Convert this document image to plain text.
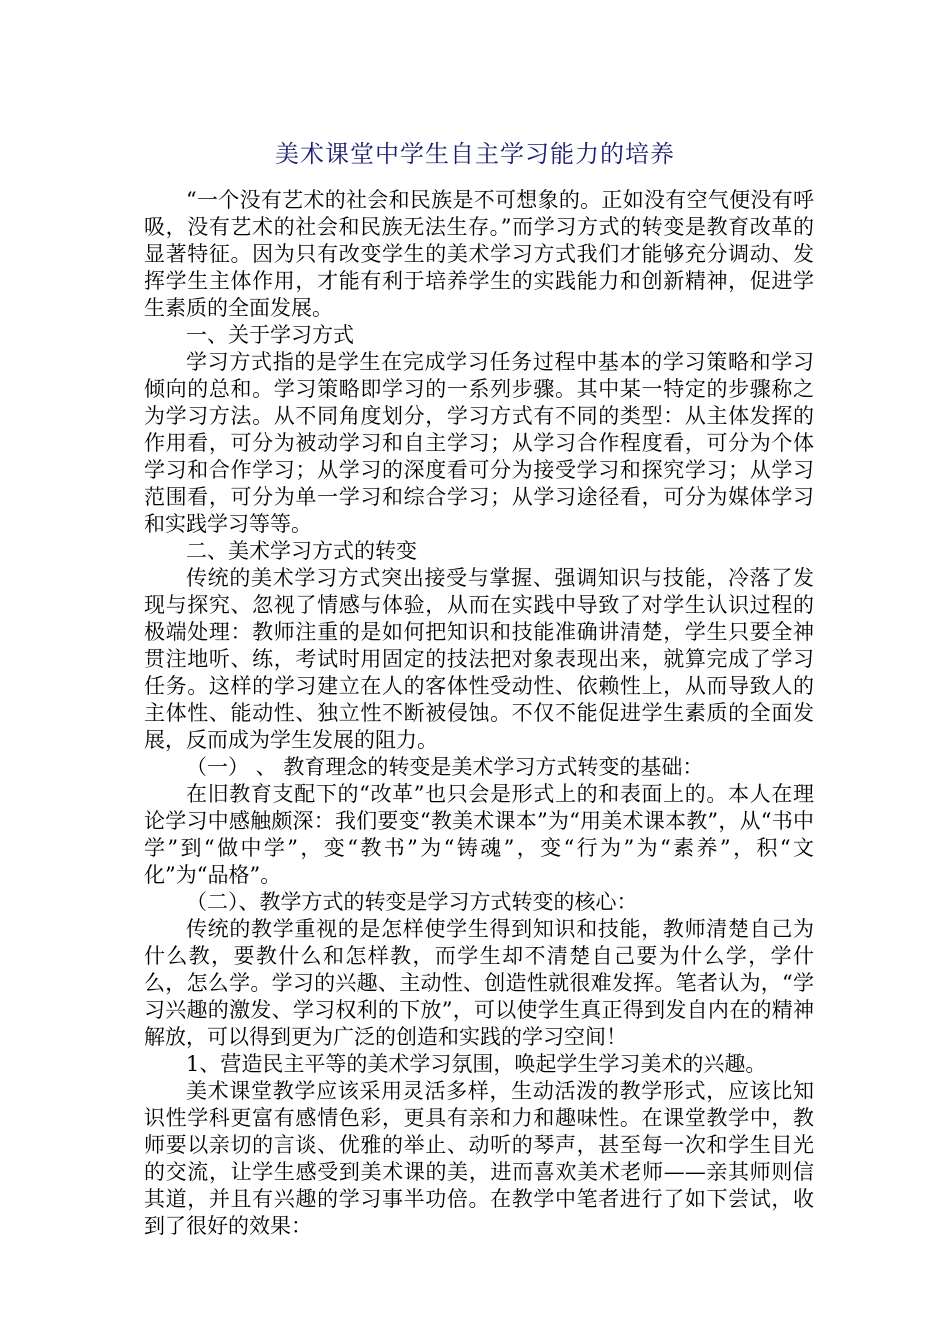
美术课堂中学生自主学习能力的培养

“一个没有艺术的社会和民族是不可想象的。正如没有空气便没有呼吸，没有艺术的社会和民族无法生存。”而学习方式的转变是教育改革的显著特征。因为只有改变学生的美术学习方式我们才能够充分调动、发挥学生主体作用，才能有利于培养学生的实践能力和创新精神，促进学生素质的全面发展。

一、关于学习方式

学习方式指的是学生在完成学习任务过程中基本的学习策略和学习倾向的总和。学习策略即学习的一系列步骤。其中某一特定的步骤称之为学习方法。从不同角度划分，学习方式有不同的类型：从主体发挥的作用看，可分为被动学习和自主学习；从学习合作程度看，可分为个体学习和合作学习；从学习的深度看可分为接受学习和探究学习；从学习范围看，可分为单一学习和综合学习；从学习途径看，可分为媒体学习和实践学习等等。

二、美术学习方式的转变

传统的美术学习方式突出接受与掌握、强调知识与技能，冷落了发现与探究、忽视了情感与体验，从而在实践中导致了对学生认识过程的极端处理：教师注重的是如何把知识和技能准确讲清楚，学生只要全神贯注地听、练，考试时用固定的技法把对象表现出来，就算完成了学习任务。这样的学习建立在人的客体性受动性、依赖性上，从而导致人的主体性、能动性、独立性不断被侵蚀。不仅不能促进学生素质的全面发展，反而成为学生发展的阻力。

（一） 、 教育理念的转变是美术学习方式转变的基础：

在旧教育支配下的“改革”也只会是形式上的和表面上的。本人在理论学习中感触颇深：我们要变“教美术课本”为“用美术课本教”，从“书中学”到“做中学”，变“教书”为“铸魂”，变“行为”为“素养”，积“文化”为“品格”。

（二）、教学方式的转变是学习方式转变的核心：

传统的教学重视的是怎样使学生得到知识和技能，教师清楚自己为什么教，要教什么和怎样教，而学生却不清楚自己要为什么学，学什么，怎么学。学习的兴趣、主动性、创造性就很难发挥。笔者认为，“学习兴趣的激发、学习权利的下放”，可以使学生真正得到发自内在的精神解放，可以得到更为广泛的创造和实践的学习空间！

1、营造民主平等的美术学习氛围，唤起学生学习美术的兴趣。

美术课堂教学应该采用灵活多样，生动活泼的教学形式，应该比知识性学科更富有感情色彩，更具有亲和力和趣味性。在课堂教学中，教师要以亲切的言谈、优雅的举止、动听的琴声，甚至每一次和学生目光的交流，让学生感受到美术课的美，进而喜欢美术老师——亲其师则信其道，并且有兴趣的学习事半功倍。在教学中笔者进行了如下尝试，收到了很好的效果：
